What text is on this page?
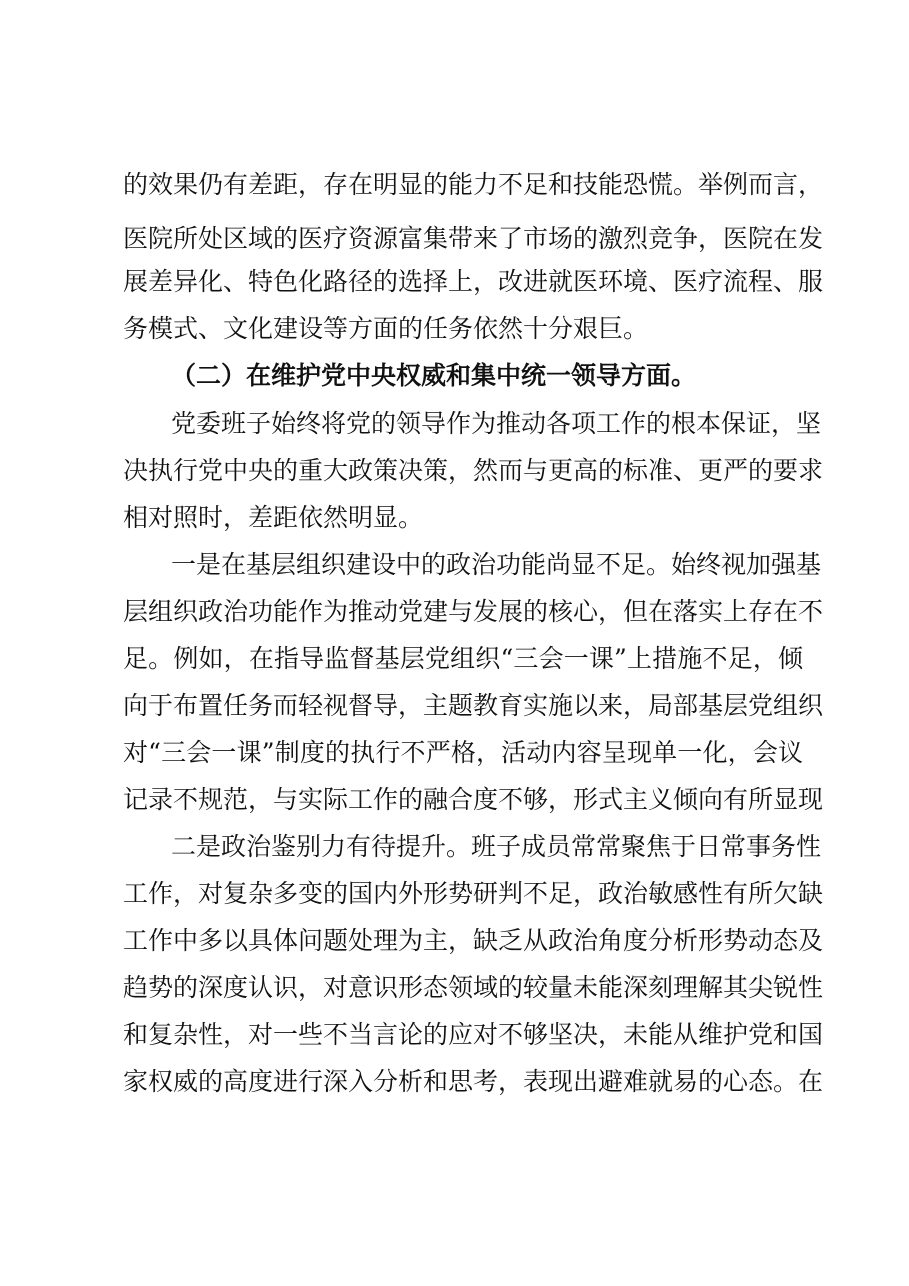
的效果仍有差距，存在明显的能力不足和技能恐慌。举例而言，

医院所处区域的医疗资源富集带来了市场的激烈竞争，医院在发

展差异化、特色化路径的选择上，改进就医环境、医疗流程、服

务模式、文化建设等方面的任务依然十分艰巨。

（二）在维护党中央权威和集中统一领导方面。

党委班子始终将党的领导作为推动各项工作的根本保证，坚

决执行党中央的重大政策决策，然而与更高的标准、更严的要求

相对照时，差距依然明显。

一是在基层组织建设中的政治功能尚显不足。始终视加强基

层组织政治功能作为推动党建与发展的核心，但在落实上存在不

足。例如，在指导监督基层党组织“三会一课”上措施不足，倾

向于布置任务而轻视督导，主题教育实施以来，局部基层党组织

对“三会一课”制度的执行不严格，活动内容呈现单一化，会议

记录不规范，与实际工作的融合度不够，形式主义倾向有所显现

二是政治鉴别力有待提升。班子成员常常聚焦于日常事务性

工作，对复杂多变的国内外形势研判不足，政治敏感性有所欠缺

工作中多以具体问题处理为主，缺乏从政治角度分析形势动态及

趋势的深度认识，对意识形态领域的较量未能深刻理解其尖锐性

和复杂性，对一些不当言论的应对不够坚决，未能从维护党和国

家权威的高度进行深入分析和思考，表现出避难就易的心态。在
